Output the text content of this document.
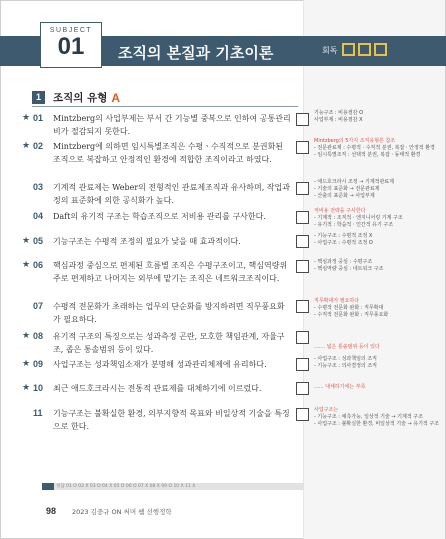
SUBJECT
01	조직의 본질과 기초이론	회독
1	조직의 유형 A
★ 01	Mintzberg의 사업부제는 부서 간 기능별 중복으로 인하여 공통관리비가 절감되지 못한다.
기능구조 : 비용절감 O
사업부제 : 비용절감 X
★ 02	Mintzberg에 의하면 임시특별조직은 수평ㆍ수직적으로 분권화된 조직으로 복잡하고 안정적인 환경에 적합한 조직이라고 하였다.
Mintzberg의 5가지 조직유형론 참조
- 전문관료제 : 수평적ㆍ수직적 분권, 복잡ㆍ안정적 환경
- 임시특별조직 : 선택적 분권, 복잡ㆍ동태적 환경
03	기계적 관료제는 Weber의 전형적인 관료제조직과 유사하며, 작업과정의 표준화에 의한 공식화가 높다.
- 애드호크라시 조정 → 기계적관료제
- 기술의 표준화 → 전문관료제
- 산출의 표준화 → 사업부제
04	Daft의 유기적 구조는 학습조직으로 저비용 관리를 구사한다.
저비용 전략을 구사한다
- 기계적 : 조직적ㆍ엔지니어링 기계 구조
- 유기적 : 학습적ㆍ인간적 유기 구조
★ 05	기능구조는 수평적 조정의 필요가 낮을 때 효과적이다.
- 기능구조 : 수평적 조정 X
- 사업구조 : 수평적 조정 O
★ 06	핵심과정 중심으로 편제된 흐름별 조직은 수평구조이고, 핵심역량위주로 편제하고 나머지는 외부에 맡기는 조직은 네트워크조직이다.
- 핵심과정 중심 : 수평구조
- 핵심역량 중심 : 네트워크 구조
07	수평적 전문화가 초래하는 업무의 단순화를 방지하려면 직무풍요화가 필요하다.
직무확대가 필요하다
- 수평적 전문화 완화 : 직무확대
- 수직적 전문화 완화 : 직무풍요화
★ 08	유기적 구조의 특징으로는 성과측정 곤란, 모호한 책임관계, 자율구조, 좁은 통솔범위 등이 있다.	....... 넓은 통솔범위 등이 있다
★ 09	사업구조는 성과책임소재가 분명해 성과관리체제에 유리하다.
- 사업구조 : 성과책임의 조직
- 기능구조 : 의사결정의 조직
★ 10	최근 애드호크라시는 전통적 관료제를 대체하기에 이르렀다.	...... 대체하기에는 부족
11	기능구조는 불확실한 환경, 의부지향적 목표와 비일상적 기술을 특징으로 한다.
사업구조는
- 기능구조 : 예측가능, 일상적 기술 → 기계적 구조
- 사업구조 : 불확실한 환경, 비일상적 기술 → 유기적 구조
정답 01 O 02 X 03 O 04 X 05 O 06 O 07 X 08 X 09 O 10 X 11 X
98 2023 김중규 ON 써머 쌤 선행정학
